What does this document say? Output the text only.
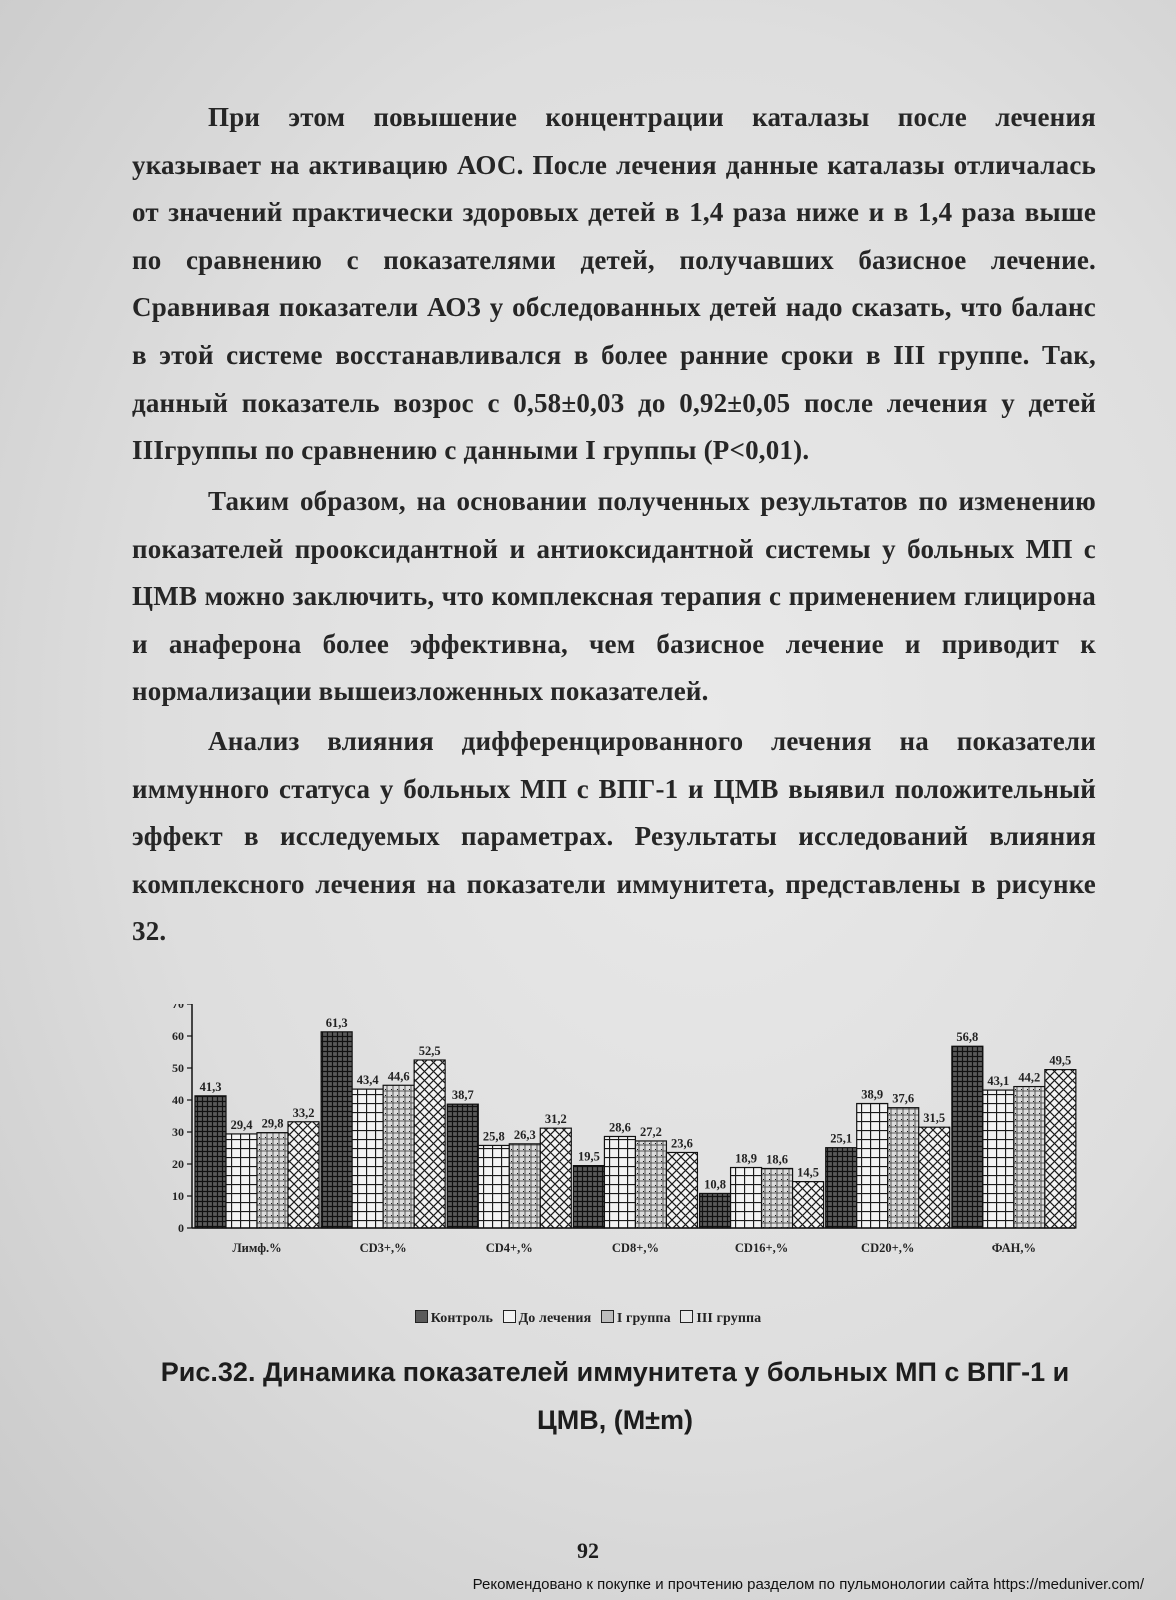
При этом повышение концентрации каталазы после лечения указывает на активацию АОС. После лечения данные каталазы отличалась от значений практически здоровых детей в 1,4 раза ниже и в 1,4 раза выше по сравнению с показателями детей, получавших базисное лечение. Сравнивая показатели АОЗ у обследованных детей надо сказать, что баланс в этой системе восстанавливался в более ранние сроки в III группе. Так, данный показатель возрос с 0,58±0,03 до 0,92±0,05 после лечения у детей IIIгруппы по сравнению с данными I группы (Р<0,01).

Таким образом, на основании полученных результатов по изменению показателей прооксидантной и антиоксидантной системы у больных МП с ЦМВ можно заключить, что комплексная терапия с применением глицирона и анаферона более эффективна, чем базисное лечение и приводит к нормализации вышеизложенных показателей.

Анализ влияния дифференцированного лечения на показатели иммунного статуса у больных МП с ВПГ-1 и ЦМВ выявил положительный эффект в исследуемых параметрах. Результаты исследований влияния комплексного лечения на показатели иммунитета, представлены в рисунке 32.

41,3
29,4 29,8
33,2
Лимф.%
61,3
43,4 44,6
52,5
CD3+,%
38,7
25,8 26,3
31,2
CD4+,%
19,5
28,6 27,2
23,6
CD8+,%
10,8
18,9 18,6
14,5
CD16+,%
25,1
38,9 37,6
31,5
CD20+,%
56,8
43,1 44,2
49,5
ФАН,%
0
10
20
30
40
50
60
70
Контроль До лечения I группа III группа
Рис.32. Динамика показателей иммунитета у больных МП с ВПГ-1 и
ЦМВ, (M±m)
92
Рекомендовано к покупке и прочтению разделом по пульмонологии сайта https://meduniver.com/
